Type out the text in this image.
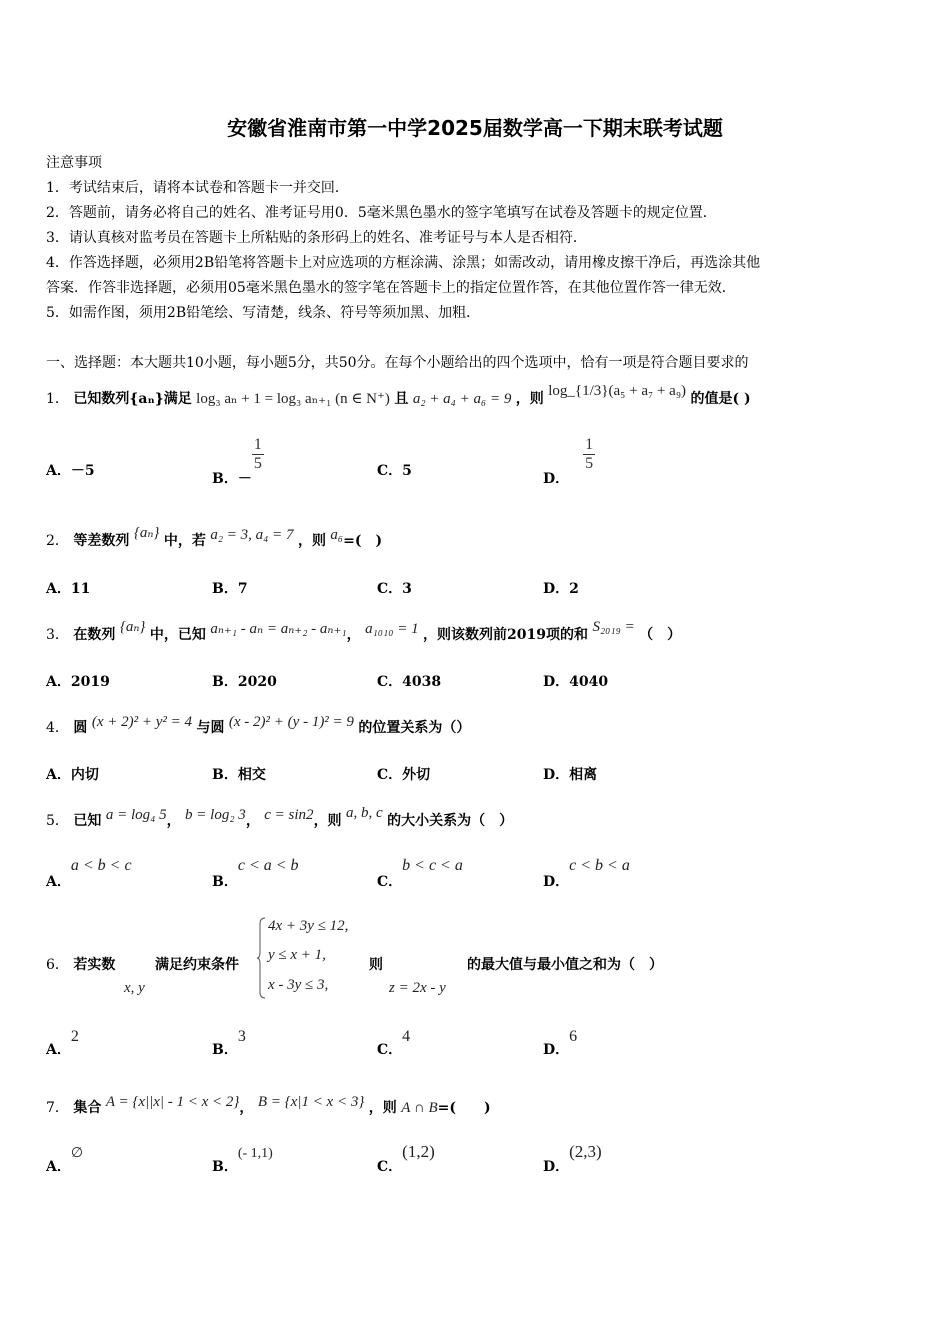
安徽省淮南市第一中学2025届数学高一下期末联考试题
注意事项
1．考试结束后，请将本试卷和答题卡一并交回．
2．答题前，请务必将自己的姓名、准考证号用0．5毫米黑色墨水的签字笔填写在试卷及答题卡的规定位置．
3．请认真核对监考员在答题卡上所粘贴的条形码上的姓名、准考证号与本人是否相符．
4．作答选择题，必须用2B铅笔将答题卡上对应选项的方框涂满、涂黑；如需改动，请用橡皮擦干净后，再选涂其他
答案．作答非选择题，必须用05毫米黑色墨水的签字笔在答题卡上的指定位置作答，在其他位置作答一律无效．
5．如需作图，须用2B铅笔绘、写清楚，线条、符号等须加黑、加粗．
一、选择题：本大题共10小题，每小题5分，共50分。在每个小题给出的四个选项中，恰有一项是符合题目要求的
1． 已知数列{aₙ}满足 log₃ aₙ + 1 = log₃ aₙ₊₁ (n ∈ N⁺) 且 a₂ + a₄ + a₆ = 9 ，则 log_{1/3}(a₅ + a₇ + a₉) 的值是( )
A．－5	B．－
$\frac{1}{5}$	C．5	D．
$\frac{1}{5}$
2． 等差数列 {aₙ} 中，若 a₂ = 3, a₄ = 7 ，则 a₆=(　)
A．11	B．7	C．3	D．2
3． 在数列 {aₙ} 中，已知 aₙ₊₁ - aₙ = aₙ₊₂ - aₙ₊₁， a₁₀₁₀ = 1 ，则该数列前2019项的和 S₂₀₁₉ = （　）
A．2019	B．2020	C．4038	D．4040
4． 圆 (x + 2)² + y² = 4 与圆 (x - 2)² + (y - 1)² = 9 的位置关系为（）
A．内切	B．相交	C．外切	D．相离
5． 已知 a = log₄ 5， b = log₂ 3， c = sin2，则 a, b, c 的大小关系为（　）
A．a < b < c
B．c < a < b
C．b < c < a
D．c < b < a
6． 若实数
x, y
满足约束条件
4x + 3y ≤ 12,
y ≤ x + 1,
x - 3y ≤ 3,
则
z = 2x - y
的最大值与最小值之和为（　）
A．2
B．3
C．4
D．6
7． 集合 A = {x||x| - 1 < x < 2}， B = {x|1 < x < 3} ，则 A ∩ B=(　　)
A．∅
B．(- 1,1)
C．(1,2)
D．(2,3)
